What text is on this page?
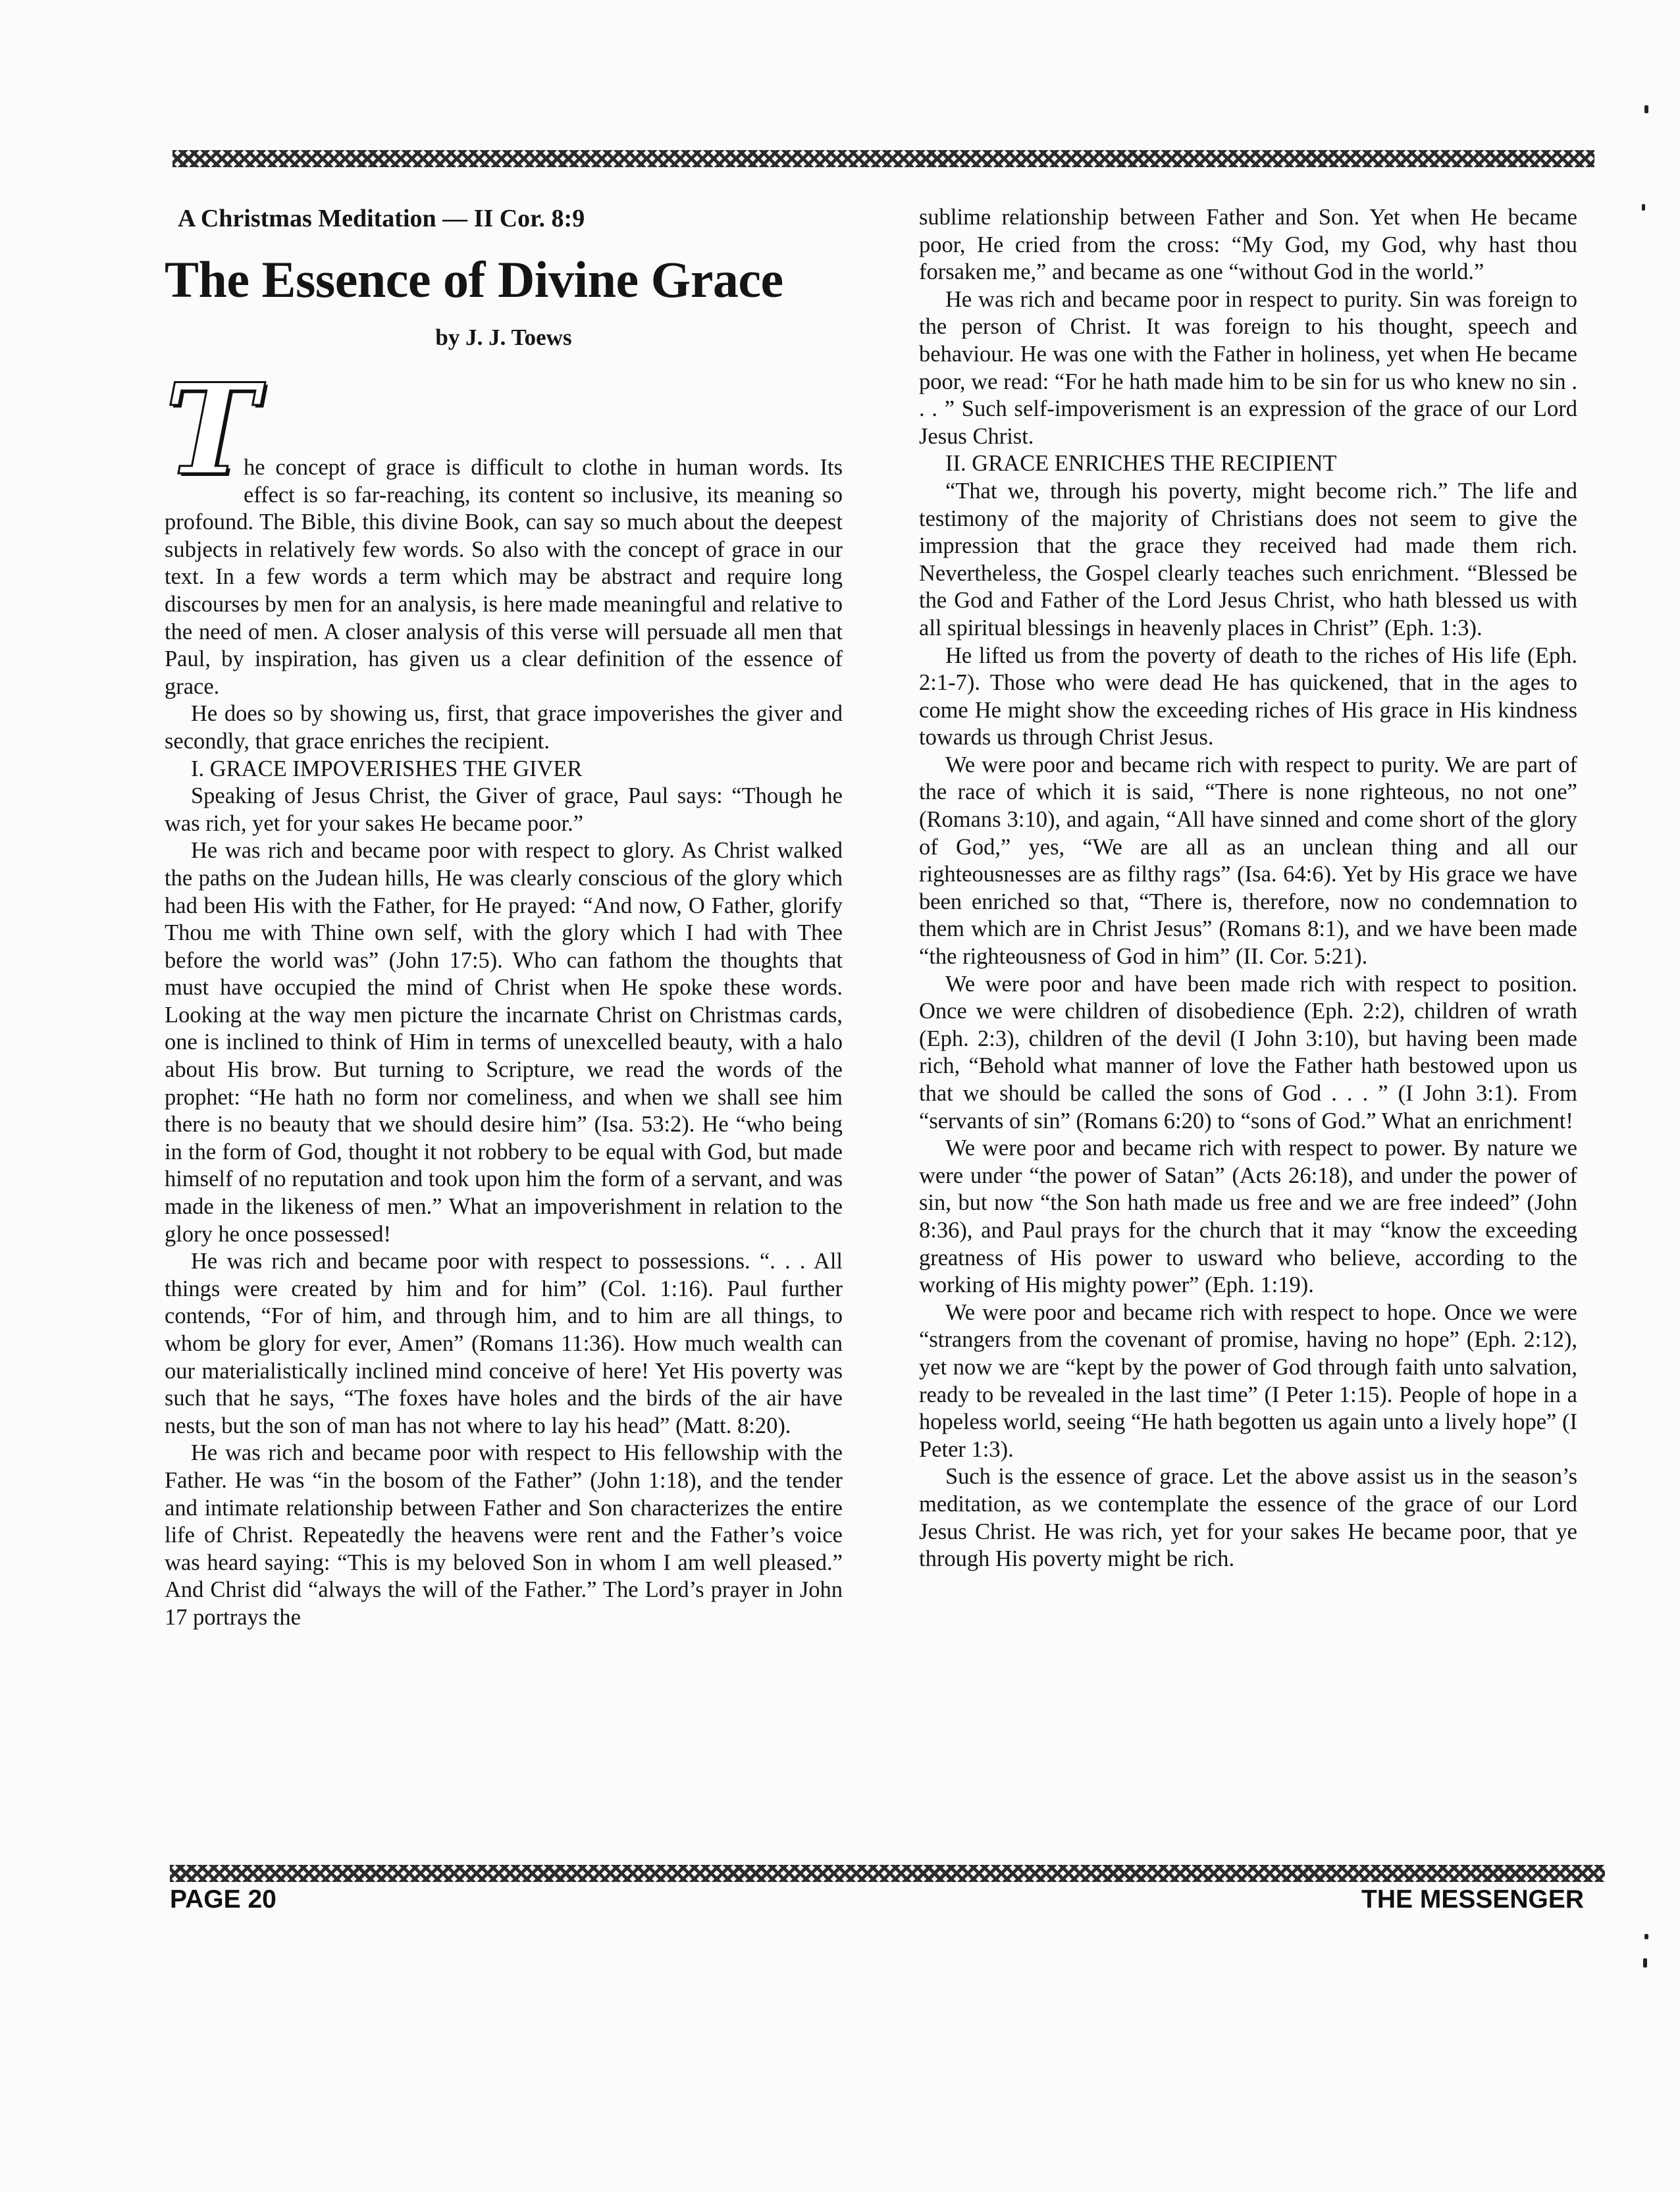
A Christmas Meditation — II Cor. 8:9
The Essence of Divine Grace
by J. J. Toews
T

he concept of grace is difficult to clothe in human words. Its effect is so far-reaching, its content so inclusive, its meaning so profound. The Bible, this divine Book, can say so much about the deepest subjects in relatively few words. So also with the concept of grace in our text. In a few words a term which may be abstract and require long discourses by men for an analysis, is here made meaningful and relative to the need of men. A closer analysis of this verse will persuade all men that Paul, by inspiration, has given us a clear definition of the essence of grace.

He does so by showing us, first, that grace impoverishes the giver and secondly, that grace enriches the recipient.

I. GRACE IMPOVERISHES THE GIVER

Speaking of Jesus Christ, the Giver of grace, Paul says: “Though he was rich, yet for your sakes He became poor.”

He was rich and became poor with respect to glory. As Christ walked the paths on the Judean hills, He was clearly conscious of the glory which had been His with the Father, for He prayed: “And now, O Father, glorify Thou me with Thine own self, with the glory which I had with Thee before the world was” (John 17:5). Who can fathom the thoughts that must have occupied the mind of Christ when He spoke these words. Looking at the way men picture the incarnate Christ on Christmas cards, one is inclined to think of Him in terms of unexcelled beauty, with a halo about His brow. But turning to Scripture, we read the words of the prophet: “He hath no form nor comeliness, and when we shall see him there is no beauty that we should desire him” (Isa. 53:2). He “who being in the form of God, thought it not robbery to be equal with God, but made himself of no reputation and took upon him the form of a servant, and was made in the likeness of men.” What an impoverishment in relation to the glory he once possessed!

He was rich and became poor with respect to possessions. “. . . All things were created by him and for him” (Col. 1:16). Paul further contends, “For of him, and through him, and to him are all things, to whom be glory for ever, Amen” (Romans 11:36). How much wealth can our materialistically inclined mind conceive of here! Yet His poverty was such that he says, “The foxes have holes and the birds of the air have nests, but the son of man has not where to lay his head” (Matt. 8:20).

He was rich and became poor with respect to His fellowship with the Father. He was “in the bosom of the Father” (John 1:18), and the tender and intimate relationship between Father and Son characterizes the entire life of Christ. Repeatedly the heavens were rent and the Father’s voice was heard saying: “This is my beloved Son in whom I am well pleased.” And Christ did “always the will of the Father.” The Lord’s prayer in John 17 portrays the

sublime relationship between Father and Son. Yet when He became poor, He cried from the cross: “My God, my God, why hast thou forsaken me,” and became as one “without God in the world.”

He was rich and became poor in respect to purity. Sin was foreign to the person of Christ. It was foreign to his thought, speech and behaviour. He was one with the Father in holiness, yet when He became poor, we read: “For he hath made him to be sin for us who knew no sin . . . ” Such self-impoverisment is an expression of the grace of our Lord Jesus Christ.

II. GRACE ENRICHES THE RECIPIENT

“That we, through his poverty, might become rich.” The life and testimony of the majority of Christians does not seem to give the impression that the grace they received had made them rich. Nevertheless, the Gospel clearly teaches such enrichment. “Blessed be the God and Father of the Lord Jesus Christ, who hath blessed us with all spiritual blessings in heavenly places in Christ” (Eph. 1:3).

He lifted us from the poverty of death to the riches of His life (Eph. 2:1-7). Those who were dead He has quickened, that in the ages to come He might show the exceeding riches of His grace in His kindness towards us through Christ Jesus.

We were poor and became rich with respect to purity. We are part of the race of which it is said, “There is none righteous, no not one” (Romans 3:10), and again, “All have sinned and come short of the glory of God,” yes, “We are all as an unclean thing and all our righteousnesses are as filthy rags” (Isa. 64:6). Yet by His grace we have been enriched so that, “There is, therefore, now no condemnation to them which are in Christ Jesus” (Romans 8:1), and we have been made “the righteousness of God in him” (II. Cor. 5:21).

We were poor and have been made rich with respect to position. Once we were children of disobedience (Eph. 2:2), children of wrath (Eph. 2:3), children of the devil (I John 3:10), but having been made rich, “Behold what manner of love the Father hath bestowed upon us that we should be called the sons of God . . . ” (I John 3:1). From “servants of sin” (Romans 6:20) to “sons of God.” What an enrichment!

We were poor and became rich with respect to power. By nature we were under “the power of Satan” (Acts 26:18), and under the power of sin, but now “the Son hath made us free and we are free indeed” (John 8:36), and Paul prays for the church that it may “know the exceeding greatness of His power to usward who believe, according to the working of His mighty power” (Eph. 1:19).

We were poor and became rich with respect to hope. Once we were “strangers from the covenant of promise, having no hope” (Eph. 2:12), yet now we are “kept by the power of God through faith unto salvation, ready to be revealed in the last time” (I Peter 1:15). People of hope in a hopeless world, seeing “He hath begotten us again unto a lively hope” (I Peter 1:3).

Such is the essence of grace. Let the above assist us in the season’s meditation, as we contemplate the essence of the grace of our Lord Jesus Christ. He was rich, yet for your sakes He became poor, that ye through His poverty might be rich.

PAGE 20	THE MESSENGER
